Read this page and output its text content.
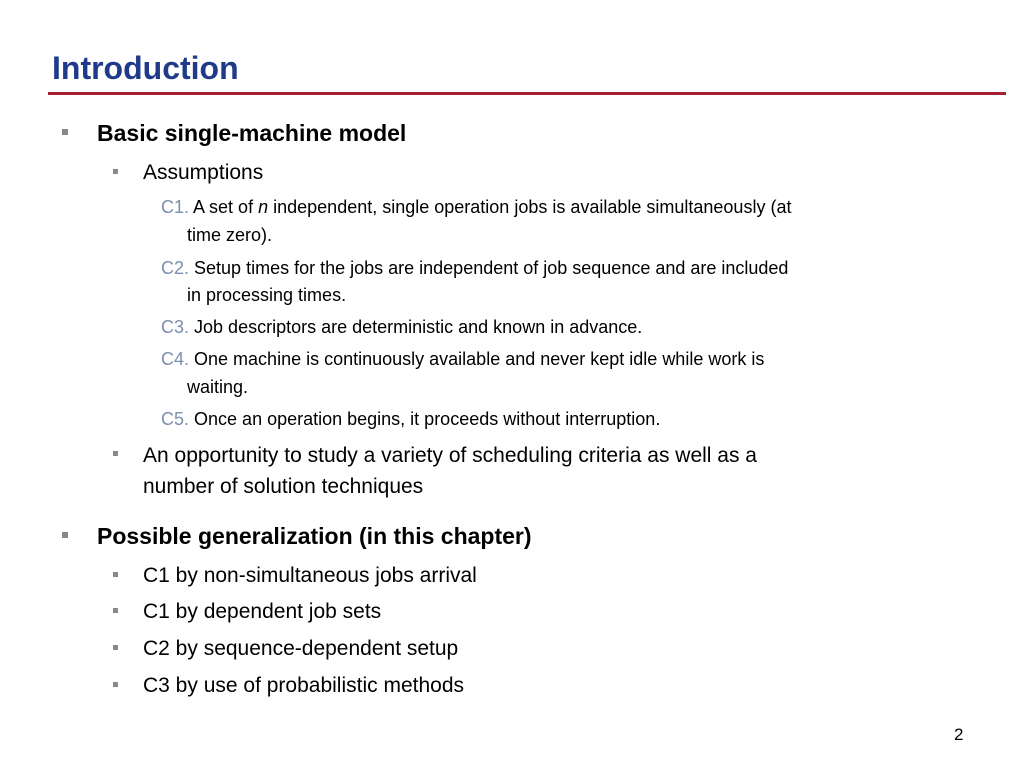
Introduction
Basic single-machine model
Assumptions
C1. A set of n independent, single operation jobs is available simultaneously (at
time zero).
C2. Setup times for the jobs are independent of job sequence and are included
in processing times.
C3. Job descriptors are deterministic and known in advance.
C4. One machine is continuously available and never kept idle while work is
waiting.
C5. Once an operation begins, it proceeds without interruption.
An opportunity to study a variety of scheduling criteria as well as a
number of solution techniques
Possible generalization (in this chapter)
C1 by non-simultaneous jobs arrival
C1 by dependent job sets
C2 by sequence-dependent setup
C3 by use of probabilistic methods
2
